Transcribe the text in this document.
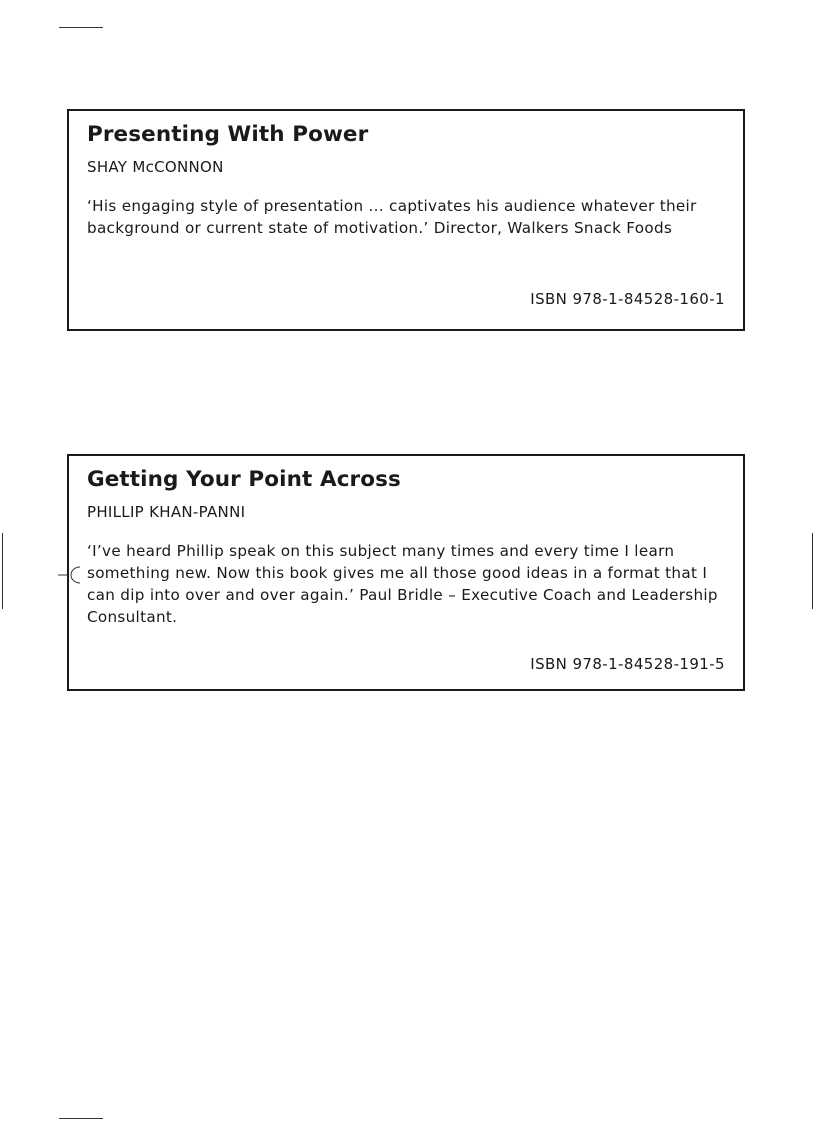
Presenting With Power
SHAY McCONNON

‘His engaging style of presentation ... captivates his audience whatever their background or current state of motivation.’ Director, Walkers Snack Foods

ISBN 978-1-84528-160-1
Getting Your Point Across
PHILLIP KHAN-PANNI

‘I’ve heard Phillip speak on this subject many times and every time I learn something new. Now this book gives me all those good ideas in a format that I can dip into over and over again.’ Paul Bridle – Executive Coach and Leadership Consultant.

ISBN 978-1-84528-191-5
